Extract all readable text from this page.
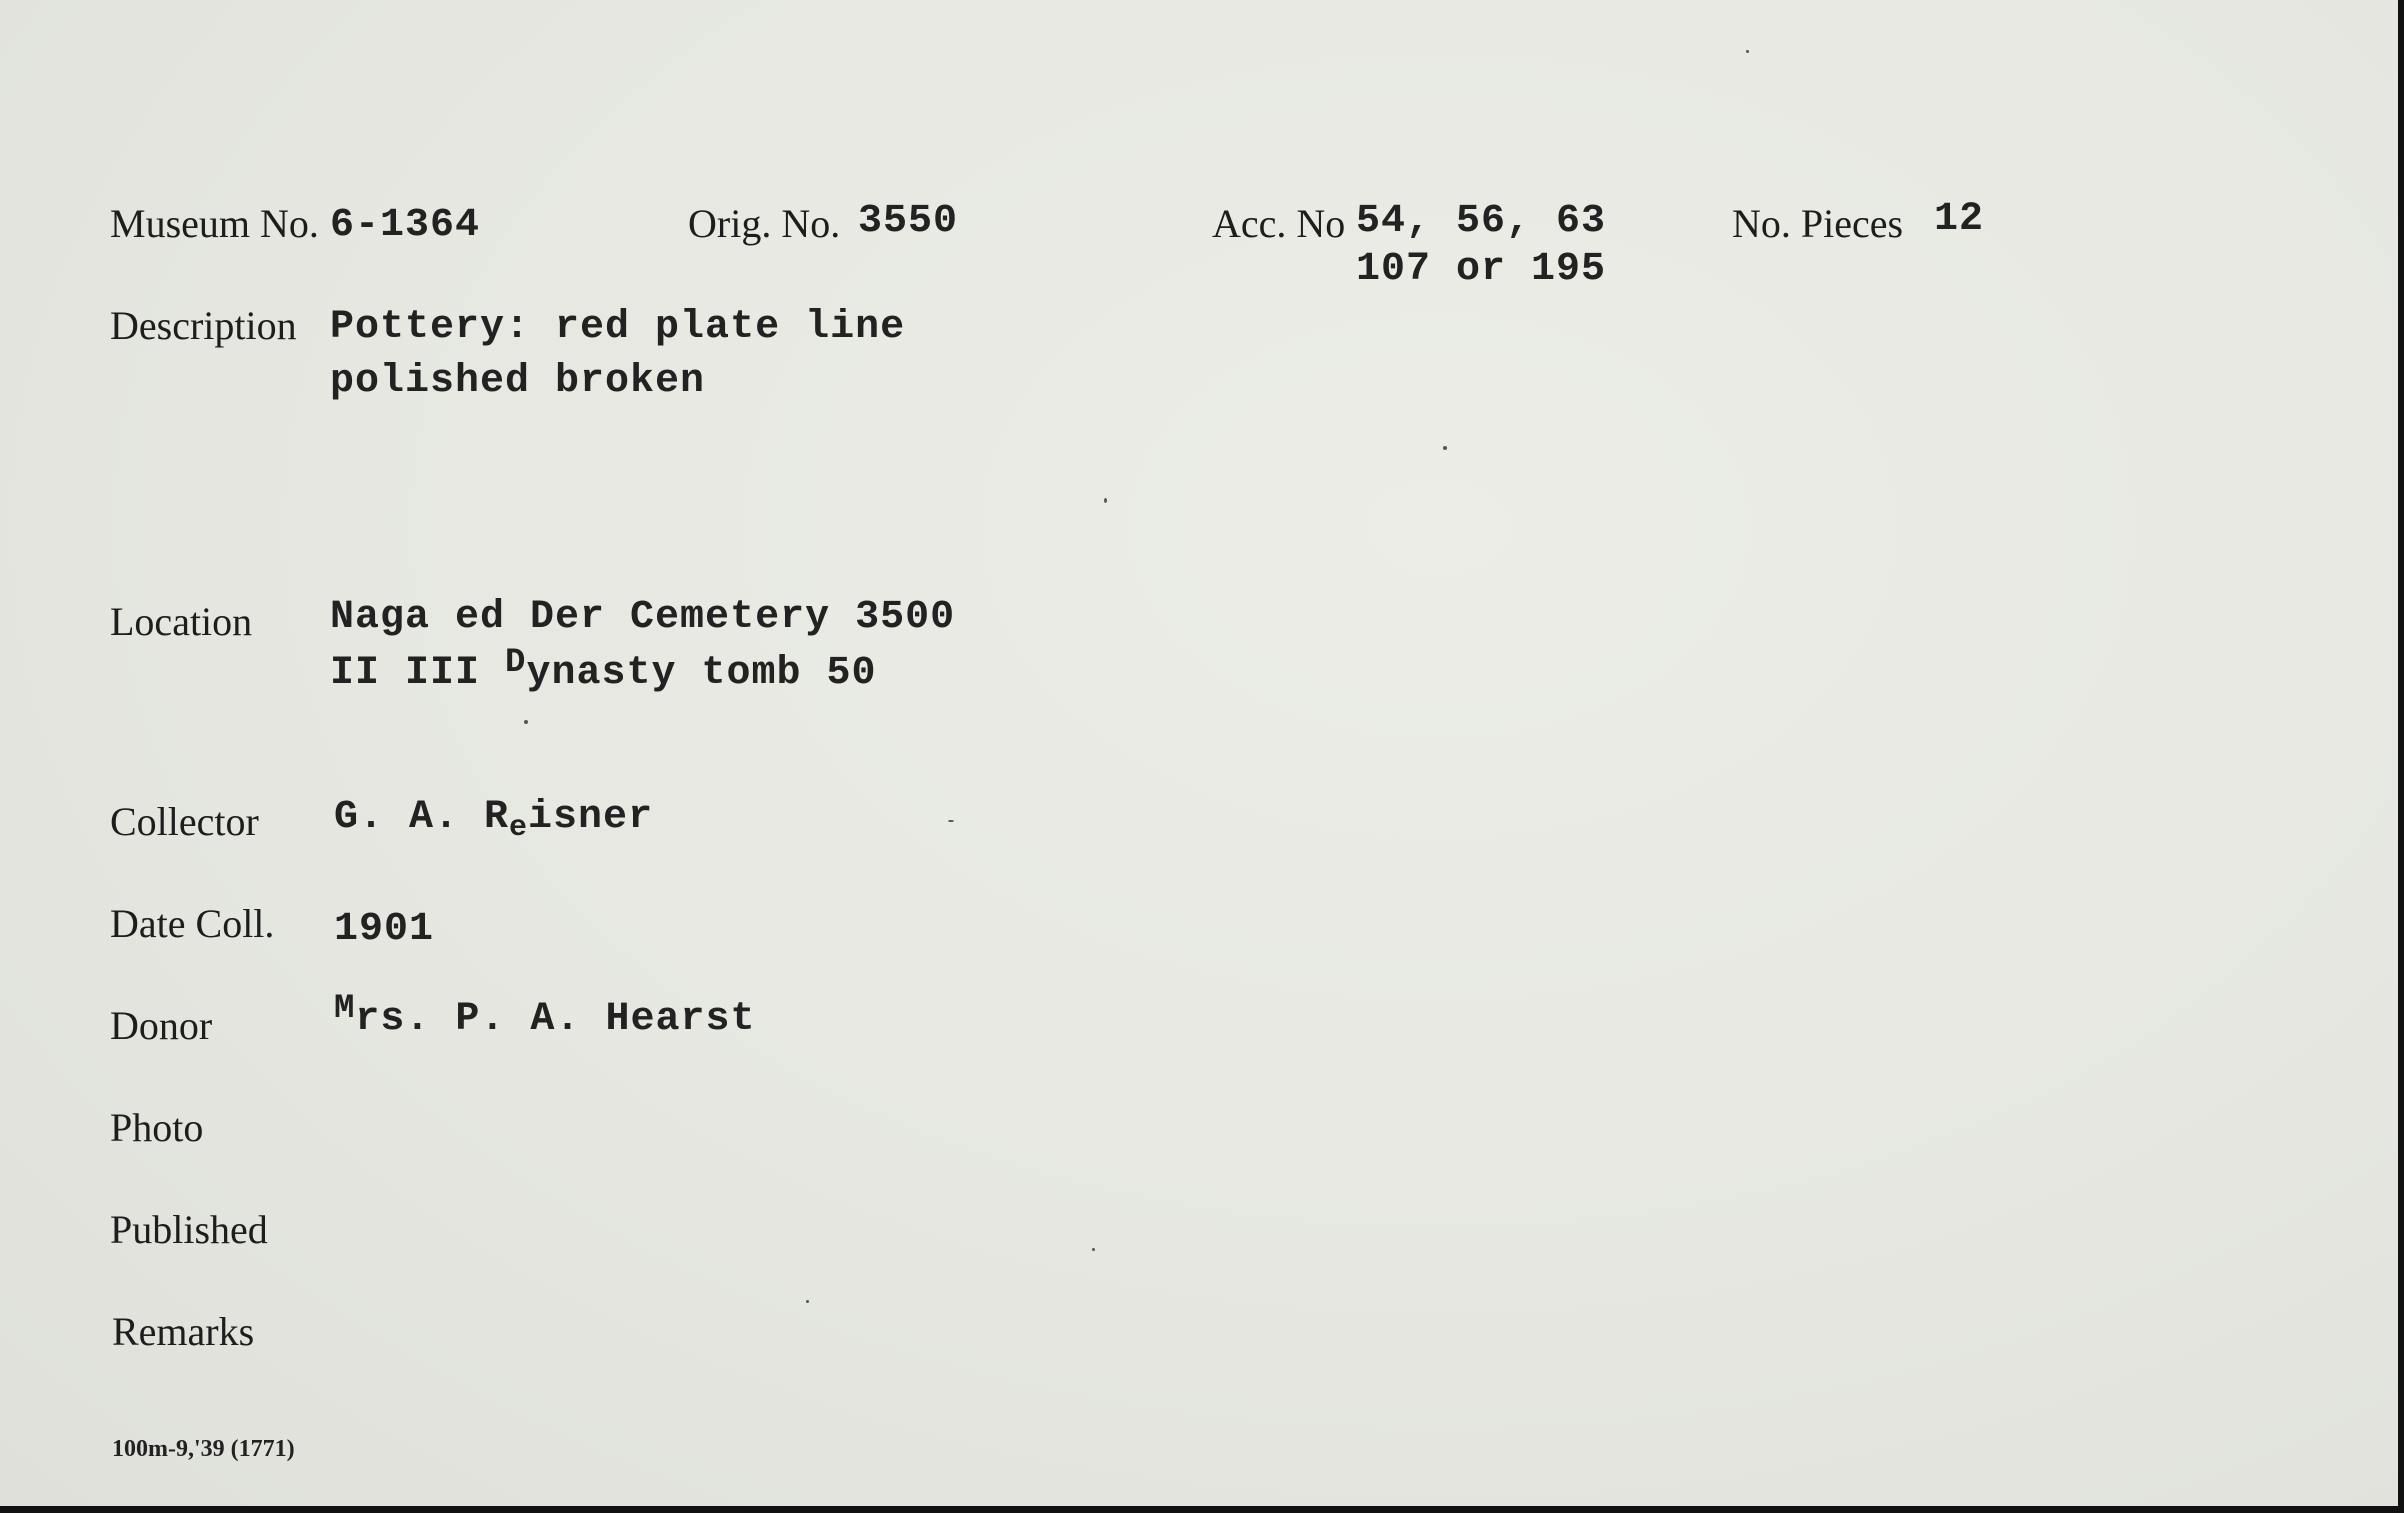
Museum No. 6-1364	Orig. No. 3550	Acc. No 54, 56, 63
107 or 195
No. Pieces 12
Description Pottery: red plate line
polished broken
Location Naga ed Der Cemetery 3500
II III $^D$ynasty tomb 50
Collector G. A. $R_eisner$
Date Coll. 1901
Donor	$^M$rs. P. A. Hearst
Photo
Published
Remarks
100m-9,'39 (1771)
